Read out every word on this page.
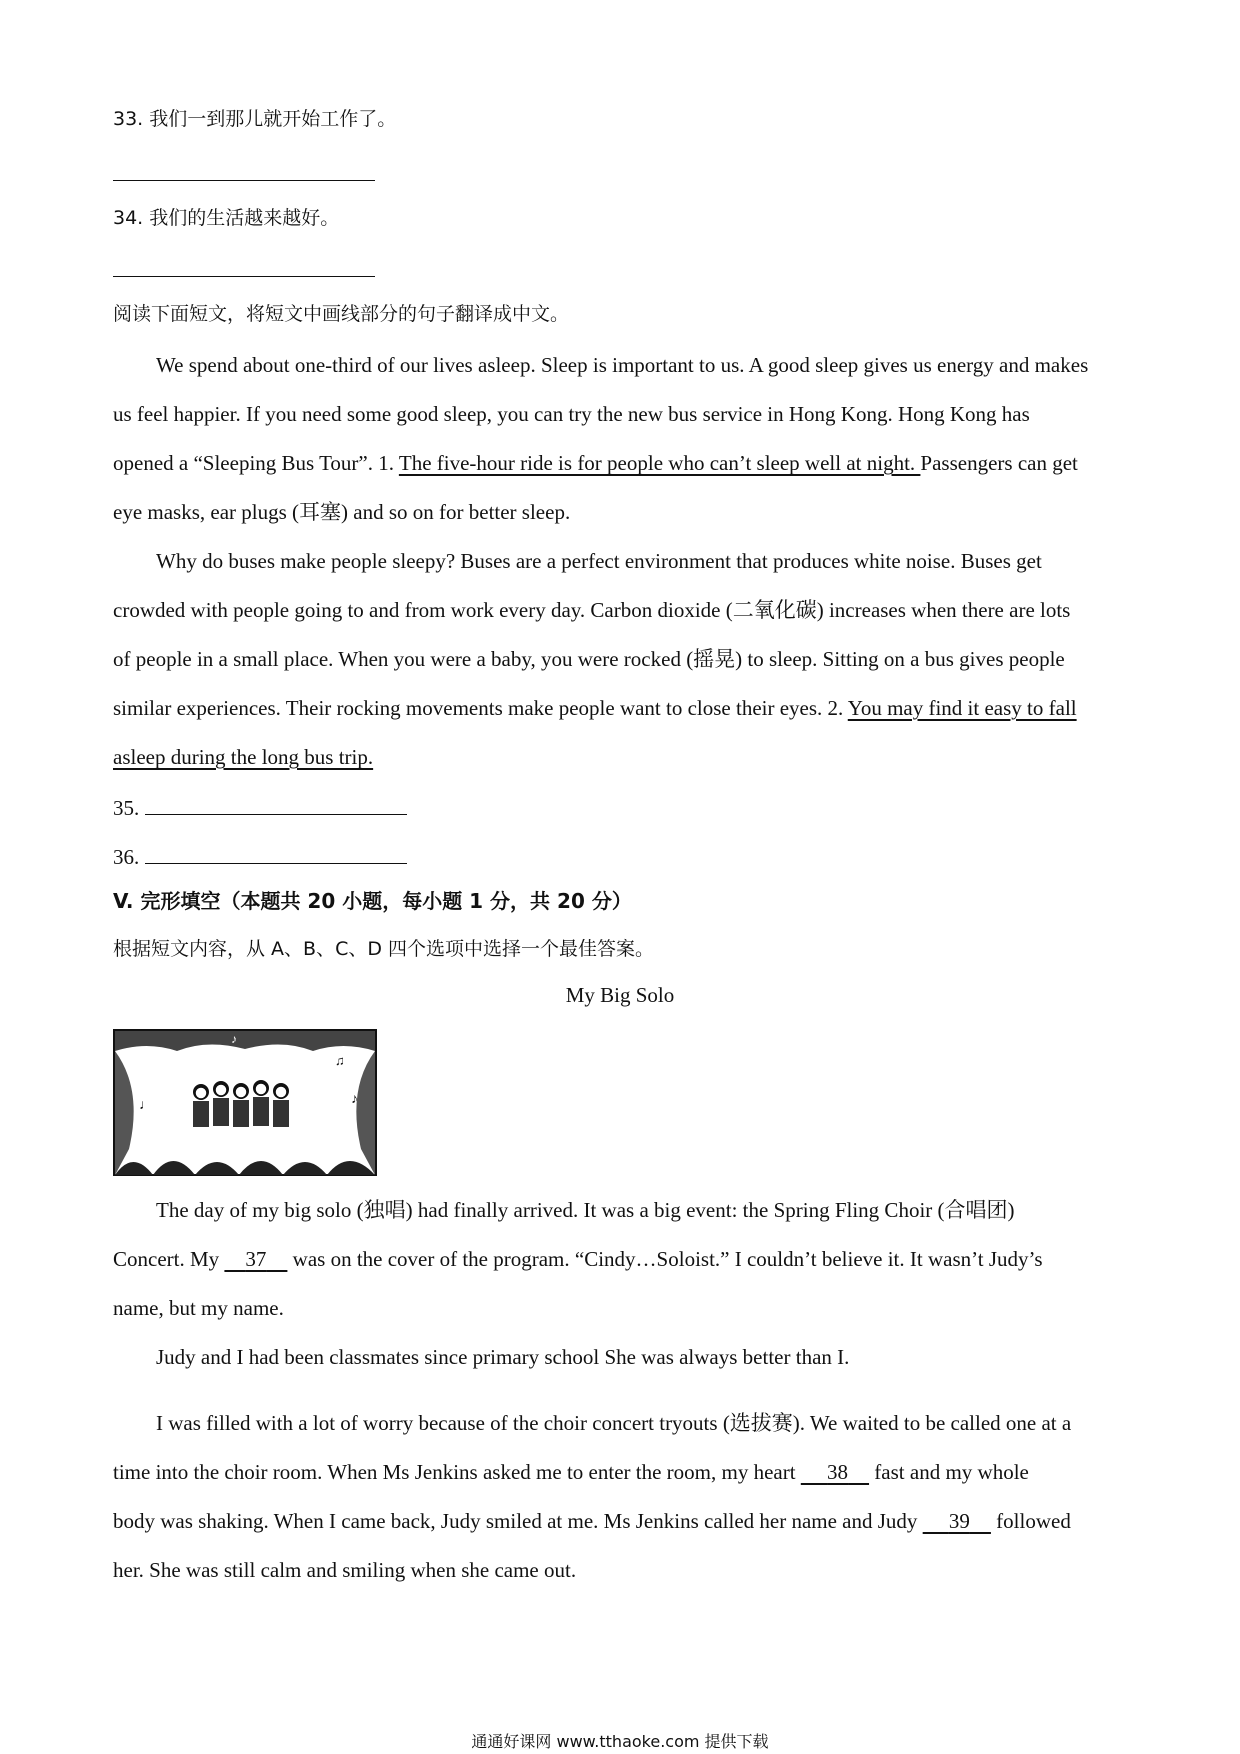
33. 我们一到那儿就开始工作了。
34. 我们的生活越来越好。
阅读下面短文，将短文中画线部分的句子翻译成中文。
We spend about one-third of our lives asleep. Sleep is important to us. A good sleep gives us energy and makes
us feel happier. If you need some good sleep, you can try the new bus service in Hong Kong. Hong Kong has
opened a “Sleeping Bus Tour”. 1. The five-hour ride is for people who can’t sleep well at night. Passengers can get
eye masks, ear plugs (耳塞) and so on for better sleep.
Why do buses make people sleepy? Buses are a perfect environment that produces white noise. Buses get
crowded with people going to and from work every day. Carbon dioxide (二氧化碳) increases when there are lots
of people in a small place. When you were a baby, you were rocked (摇晃) to sleep. Sitting on a bus gives people
similar experiences. Their rocking movements make people want to close their eyes. 2. You may find it easy to fall
asleep during the long bus trip.
35.
36.
V. 完形填空（本题共 20 小题，每小题 1 分，共 20 分）
根据短文内容，从 A、B、C、D 四个选项中选择一个最佳答案。
My Big Solo
♩
♪
♫
♪
The day of my big solo (独唱) had finally arrived. It was a big event: the Spring Fling Choir (合唱团)
Concert. My     37     was on the cover of the program. “Cindy…Soloist.” I couldn’t believe it. It wasn’t Judy’s
name, but my name.
Judy and I had been classmates since primary school She was always better than I.
I was filled with a lot of worry because of the choir concert tryouts (选拔赛). We waited to be called one at a
time into the choir room. When Ms Jenkins asked me to enter the room, my heart      38     fast and my whole
body was shaking. When I came back, Judy smiled at me. Ms Jenkins called her name and Judy      39     followed
her. She was still calm and smiling when she came out.
通通好课网 www.tthaoke.com 提供下载
